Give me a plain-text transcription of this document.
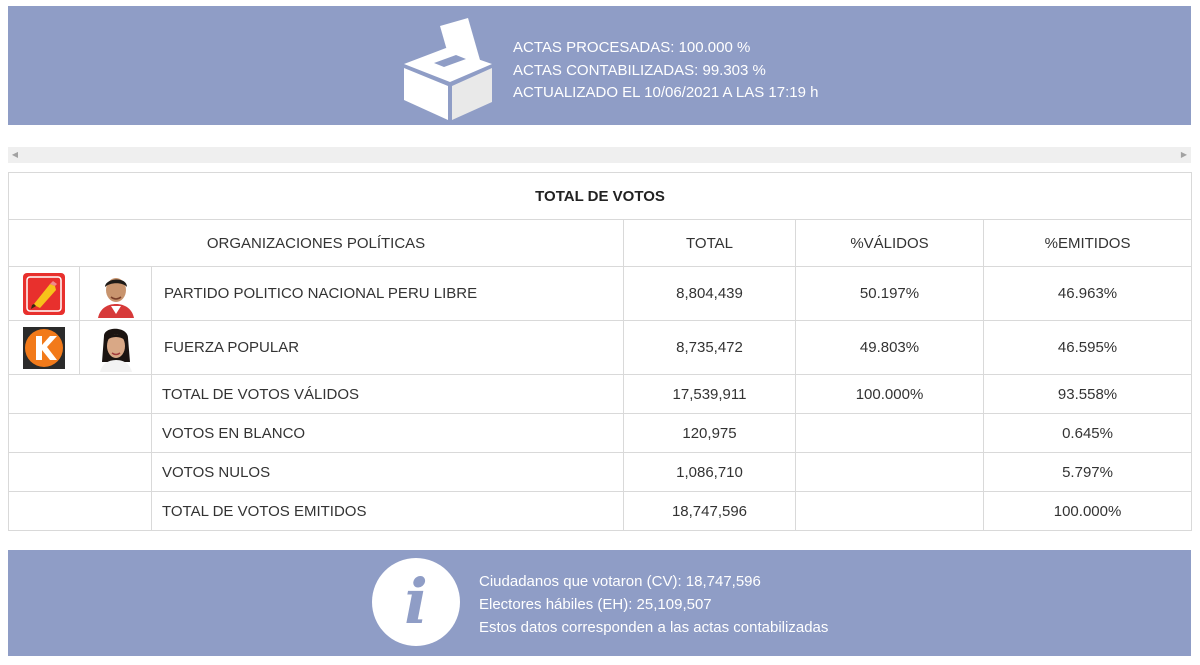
ACTAS PROCESADAS: 100.000 %
ACTAS CONTABILIZADAS: 99.303 %
ACTUALIZADO EL 10/06/2021 A LAS 17:19 h
◀	▶
TOTAL DE VOTOS					
ORGANIZACIONES POLÍTICAS			TOTAL	%VÁLIDOS	%EMITIDOS

	PARTIDO POLITICO NACIONAL PERU LIBRE	8,804,439	50.197%	46.963%

	FUERZA POPULAR	8,735,472	49.803%	46.595%
		TOTAL DE VOTOS VÁLIDOS	17,539,911	100.000%	93.558%
		VOTOS EN BLANCO	120,975		0.645%
		VOTOS NULOS	1,086,710		5.797%
		TOTAL DE VOTOS EMITIDOS	18,747,596		100.000%
i	Ciudadanos que votaron (CV): 18,747,596
Electores hábiles (EH): 25,109,507
Estos datos corresponden a las actas contabilizadas
